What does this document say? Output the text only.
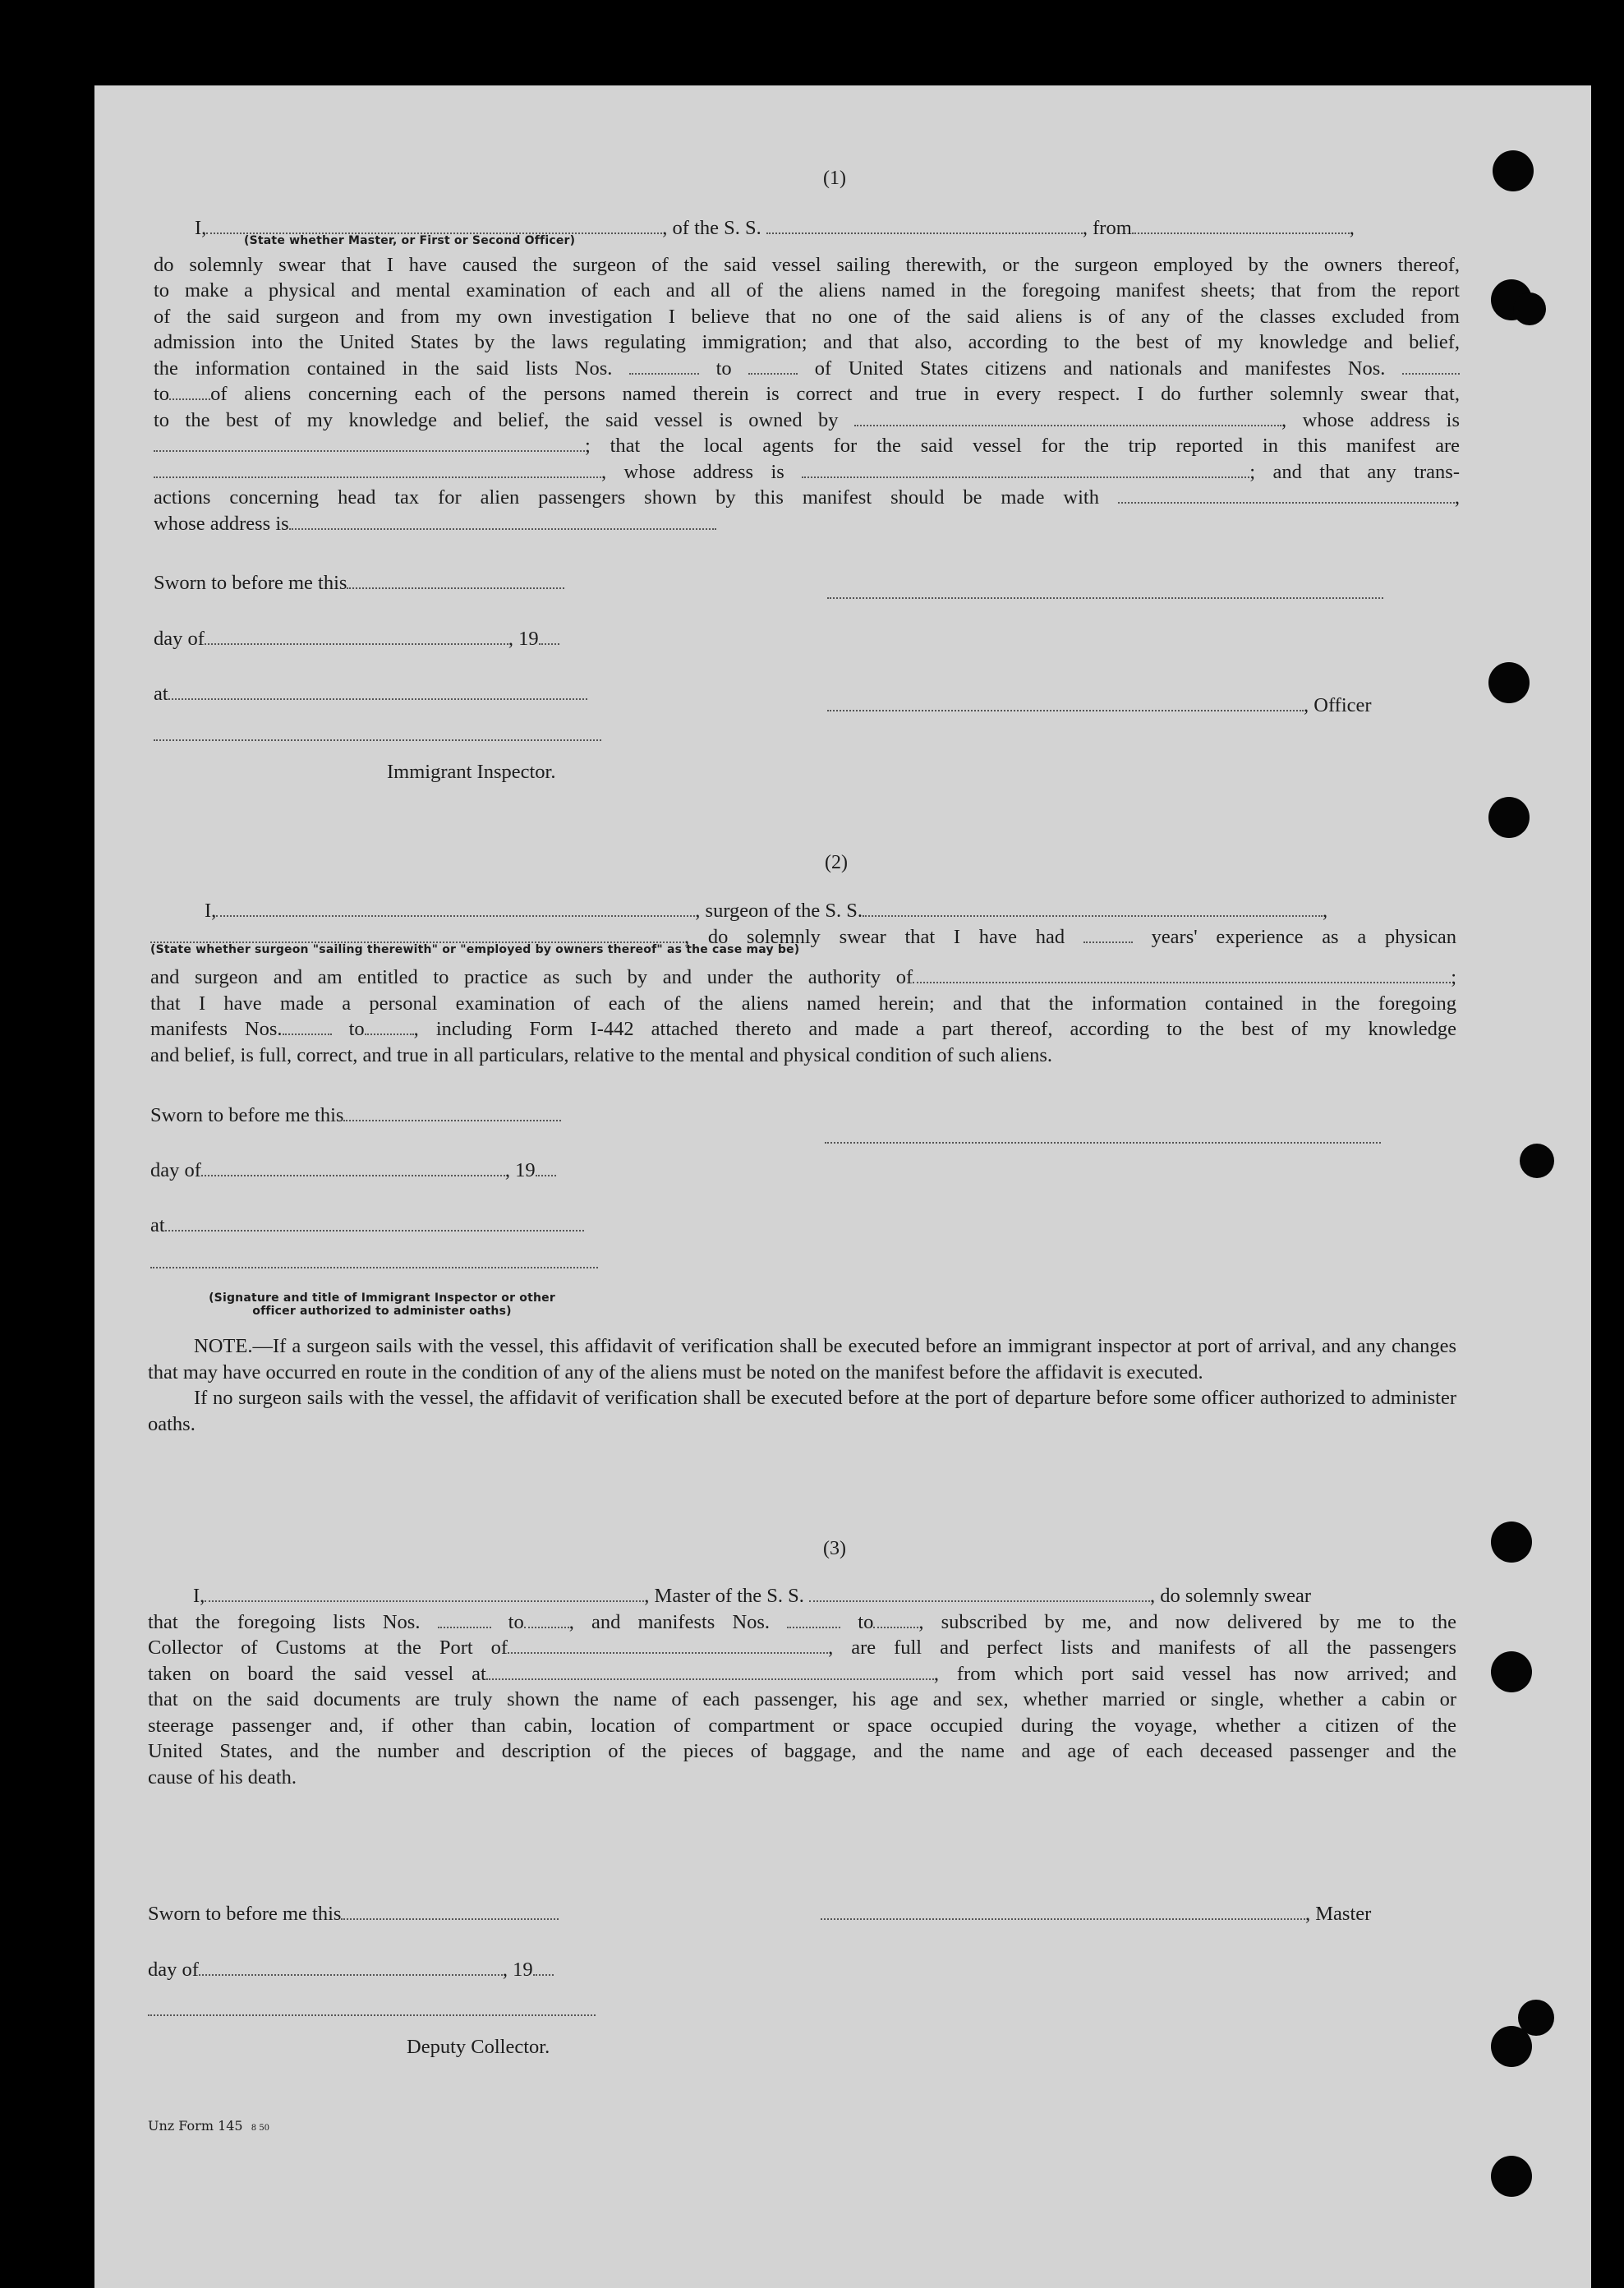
(1)

I,	, of the S. S.	, from	,

(State whether Master, or First or Second Officer)

do solemnly swear that I have caused the surgeon of the said vessel sailing therewith, or the surgeon employed by the owners thereof,

to make a physical and mental examination of each and all of the aliens named in the foregoing manifest sheets; that from the report

of the said surgeon and from my own investigation I believe that no one of the said aliens is of any of the classes excluded from

admission into the United States by the laws regulating immigration; and that also, according to the best of my knowledge and belief,

the information contained in the said lists Nos.	to	of United States citizens and nationals and manifestes Nos.

to of aliens concerning each of the persons named therein is correct and true in every respect. I do further solemnly swear that,

to the best of my knowledge and belief, the said vessel is owned by	, whose address is

; that the local agents for the said vessel for the trip reported in this manifest are

, whose address is	; and that any trans-

actions concerning head tax for alien passengers shown by this manifest should be made with	,

whose address is

Sworn to before me this
day of	, 19
at
, Officer
Immigrant Inspector.
(2)

I,	, surgeon of the S. S.	,

, do solemnly swear that I have had	years' experience as a physican

(State whether surgeon "sailing therewith" or "employed by owners thereof" as the case may be)

and surgeon and am entitled to practice as such by and under the authority of	;

that I have made a personal examination of each of the aliens named herein; and that the information contained in the foregoing

manifests Nos.	to , including Form I-442 attached thereto and made a part thereof, according to the best of my knowledge

and belief, is full, correct, and true in all particulars, relative to the mental and physical condition of such aliens.

Sworn to before me this
day of	, 19
at
(Signature and title of Immigrant Inspector or other
officer authorized to administer oaths)

NOTE.—If a surgeon sails with the vessel, this affidavit of verification shall be executed before an immigrant inspector at port of arrival, and any changes that may have occurred en route in the condition of any of the aliens must be noted on the manifest before the affidavit is executed.

If no surgeon sails with the vessel, the affidavit of verification shall be executed before at the port of departure before some officer authorized to administer oaths.

(3)

I,	, Master of the S. S.	, do solemnly swear

that the foregoing lists Nos.	to , and manifests Nos.	to , subscribed by me, and now delivered by me to the

Collector of Customs at the Port of	, are full and perfect lists and manifests of all the passengers

taken on board the said vessel at	, from which port said vessel has now arrived; and

that on the said documents are truly shown the name of each passenger, his age and sex, whether married or single, whether a cabin or

steerage passenger and, if other than cabin, location of compartment or space occupied during the voyage, whether a citizen of the

United States, and the number and description of the pieces of baggage, and the name and age of each deceased passenger and the

cause of his death.

Sworn to before me this	, Master
day of	, 19
Deputy Collector.
Unz Form 145 8 50
